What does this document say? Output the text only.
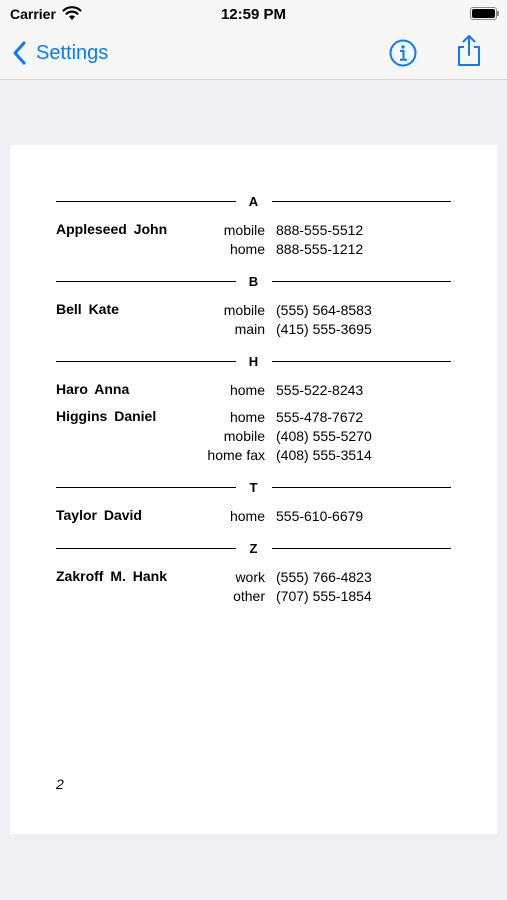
Carrier	12:59 PM
Settings
A
Appleseed John	mobile 888-555-5512
home 888-555-1212
B
Bell Kate	mobile (555) 564-8583
main (415) 555-3695
H
Haro Anna	home 555-522-8243
Higgins Daniel	home 555-478-7672
mobile (408) 555-5270
home fax (408) 555-3514
T
Taylor David	home 555-610-6679
Z
Zakroff M. Hank	work (555) 766-4823
other (707) 555-1854
2
